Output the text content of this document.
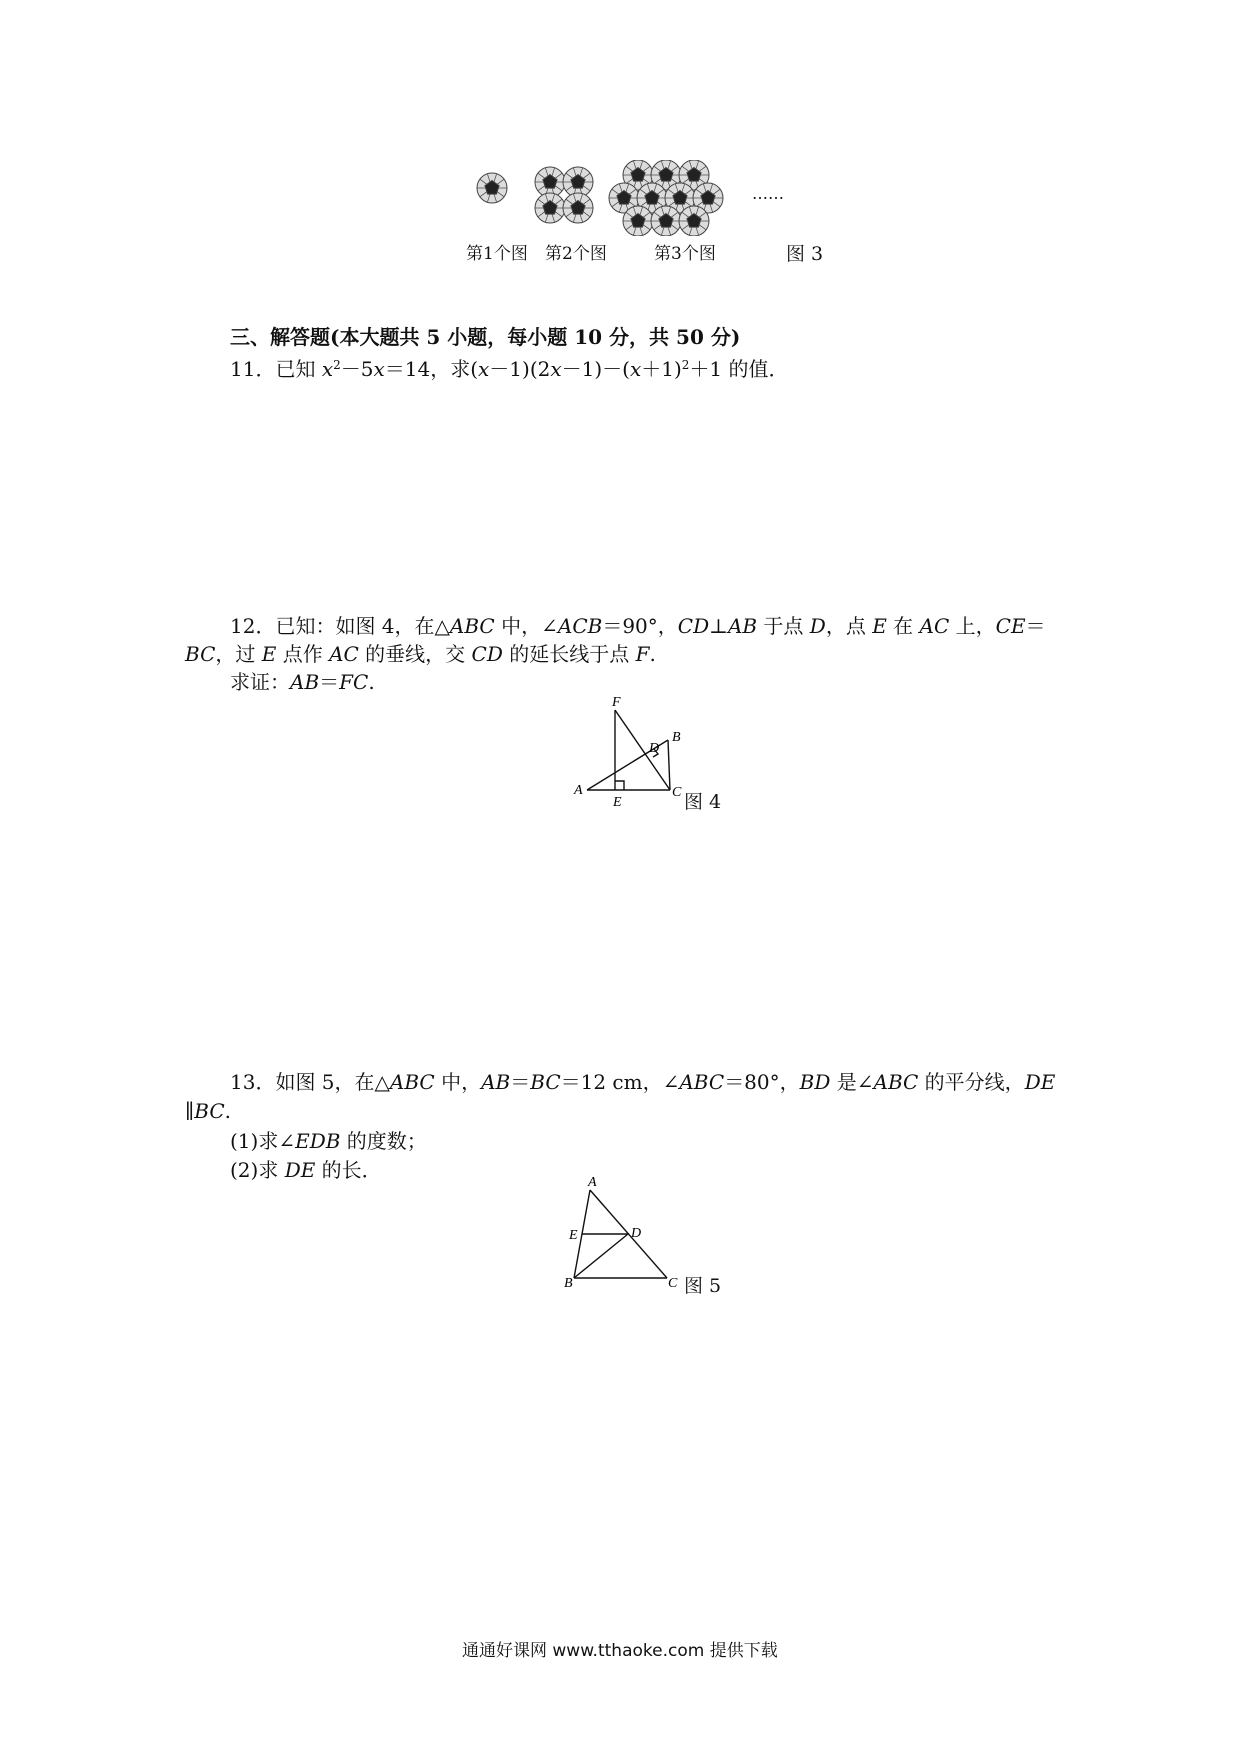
……
第1个图 第2个图	第3个图	图 3
三、解答题(本大题共 5 小题，每小题 10 分，共 50 分)
11．已知 $x^2-5x=14$，求$(x-1)(2x-1)-(x+1)^2+1$ 的值．
12．已知：如图 4，在△ABC 中，∠ACB＝90°，CD⊥AB 于点 D，点 E 在 AC 上，CE＝
BC，过 E 点作 AC 的垂线，交 CD 的延长线于点 F.
求证：AB＝FC.
F
D
B
A
E
C 图 4
13．如图 5，在△ABC 中，AB＝BC＝12 cm，∠ABC＝80°，BD 是∠ABC 的平分线，DE
∥BC.
(1)求∠EDB 的度数；
(2)求 DE 的长．
A
E	D
B	C 图 5
通通好课网 www.tthaoke.com 提供下载
